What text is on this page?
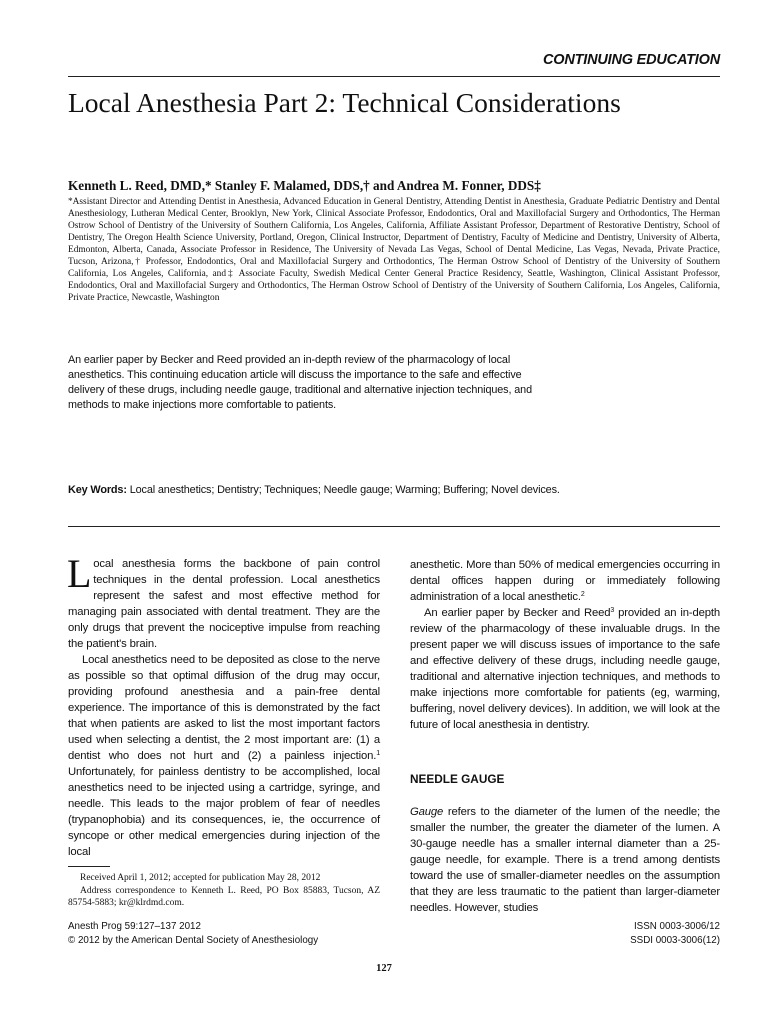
CONTINUING EDUCATION
Local Anesthesia Part 2: Technical Considerations
Kenneth L. Reed, DMD,* Stanley F. Malamed, DDS,† and Andrea M. Fonner, DDS‡
*Assistant Director and Attending Dentist in Anesthesia, Advanced Education in General Dentistry, Attending Dentist in Anesthesia, Graduate Pediatric Dentistry and Dental Anesthesiology, Lutheran Medical Center, Brooklyn, New York, Clinical Associate Professor, Endodontics, Oral and Maxillofacial Surgery and Orthodontics, The Herman Ostrow School of Dentistry of the University of Southern California, Los Angeles, California, Affiliate Assistant Professor, Department of Restorative Dentistry, School of Dentistry, The Oregon Health Science University, Portland, Oregon, Clinical Instructor, Department of Dentistry, Faculty of Medicine and Dentistry, University of Alberta, Edmonton, Alberta, Canada, Associate Professor in Residence, The University of Nevada Las Vegas, School of Dental Medicine, Las Vegas, Nevada, Private Practice, Tucson, Arizona,† Professor, Endodontics, Oral and Maxillofacial Surgery and Orthodontics, The Herman Ostrow School of Dentistry of the University of Southern California, Los Angeles, California, and‡ Associate Faculty, Swedish Medical Center General Practice Residency, Seattle, Washington, Clinical Assistant Professor, Endodontics, Oral and Maxillofacial Surgery and Orthodontics, The Herman Ostrow School of Dentistry of the University of Southern California, Los Angeles, California, Private Practice, Newcastle, Washington
An earlier paper by Becker and Reed provided an in-depth review of the pharmacology of local anesthetics. This continuing education article will discuss the importance to the safe and effective delivery of these drugs, including needle gauge, traditional and alternative injection techniques, and methods to make injections more comfortable to patients.
Key Words: Local anesthetics; Dentistry; Techniques; Needle gauge; Warming; Buffering; Novel devices.

Local anesthesia forms the backbone of pain control techniques in the dental profession. Local anesthetics represent the safest and most effective method for managing pain associated with dental treatment. They are the only drugs that prevent the nociceptive impulse from reaching the patient's brain.

Local anesthetics need to be deposited as close to the nerve as possible so that optimal diffusion of the drug may occur, providing profound anesthesia and a pain-free dental experience. The importance of this is demonstrated by the fact that when patients are asked to list the most important factors used when selecting a dentist, the 2 most important are: (1) a dentist who does not hurt and (2) a painless injection.$^1$ Unfortunately, for painless dentistry to be accomplished, local anesthetics need to be injected using a cartridge, syringe, and needle. This leads to the major problem of fear of needles (trypanophobia) and its consequences, ie, the occurrence of syncope or other medical emergencies during injection of the local

Received April 1, 2012; accepted for publication May 28, 2012

Address correspondence to Kenneth L. Reed, PO Box 85883, Tucson, AZ 85754-5883; kr@klrdmd.com.

anesthetic. More than 50% of medical emergencies occurring in dental offices happen during or immediately following administration of a local anesthetic.$^2$

An earlier paper by Becker and Reed$^3$ provided an in-depth review of the pharmacology of these invaluable drugs. In the present paper we will discuss issues of importance to the safe and effective delivery of these drugs, including needle gauge, traditional and alternative injection techniques, and methods to make injections more comfortable for patients (eg, warming, buffering, novel delivery devices). In addition, we will look at the future of local anesthesia in dentistry.

NEEDLE GAUGE

Gauge refers to the diameter of the lumen of the needle; the smaller the number, the greater the diameter of the lumen. A 30-gauge needle has a smaller internal diameter than a 25-gauge needle, for example. There is a trend among dentists toward the use of smaller-diameter needles on the assumption that they are less traumatic to the patient than larger-diameter needles. However, studies

Anesth Prog 59:127–137 2012
© 2012 by the American Dental Society of Anesthesiology
ISSN 0003-3006/12
SSDI 0003-3006(12)
127
